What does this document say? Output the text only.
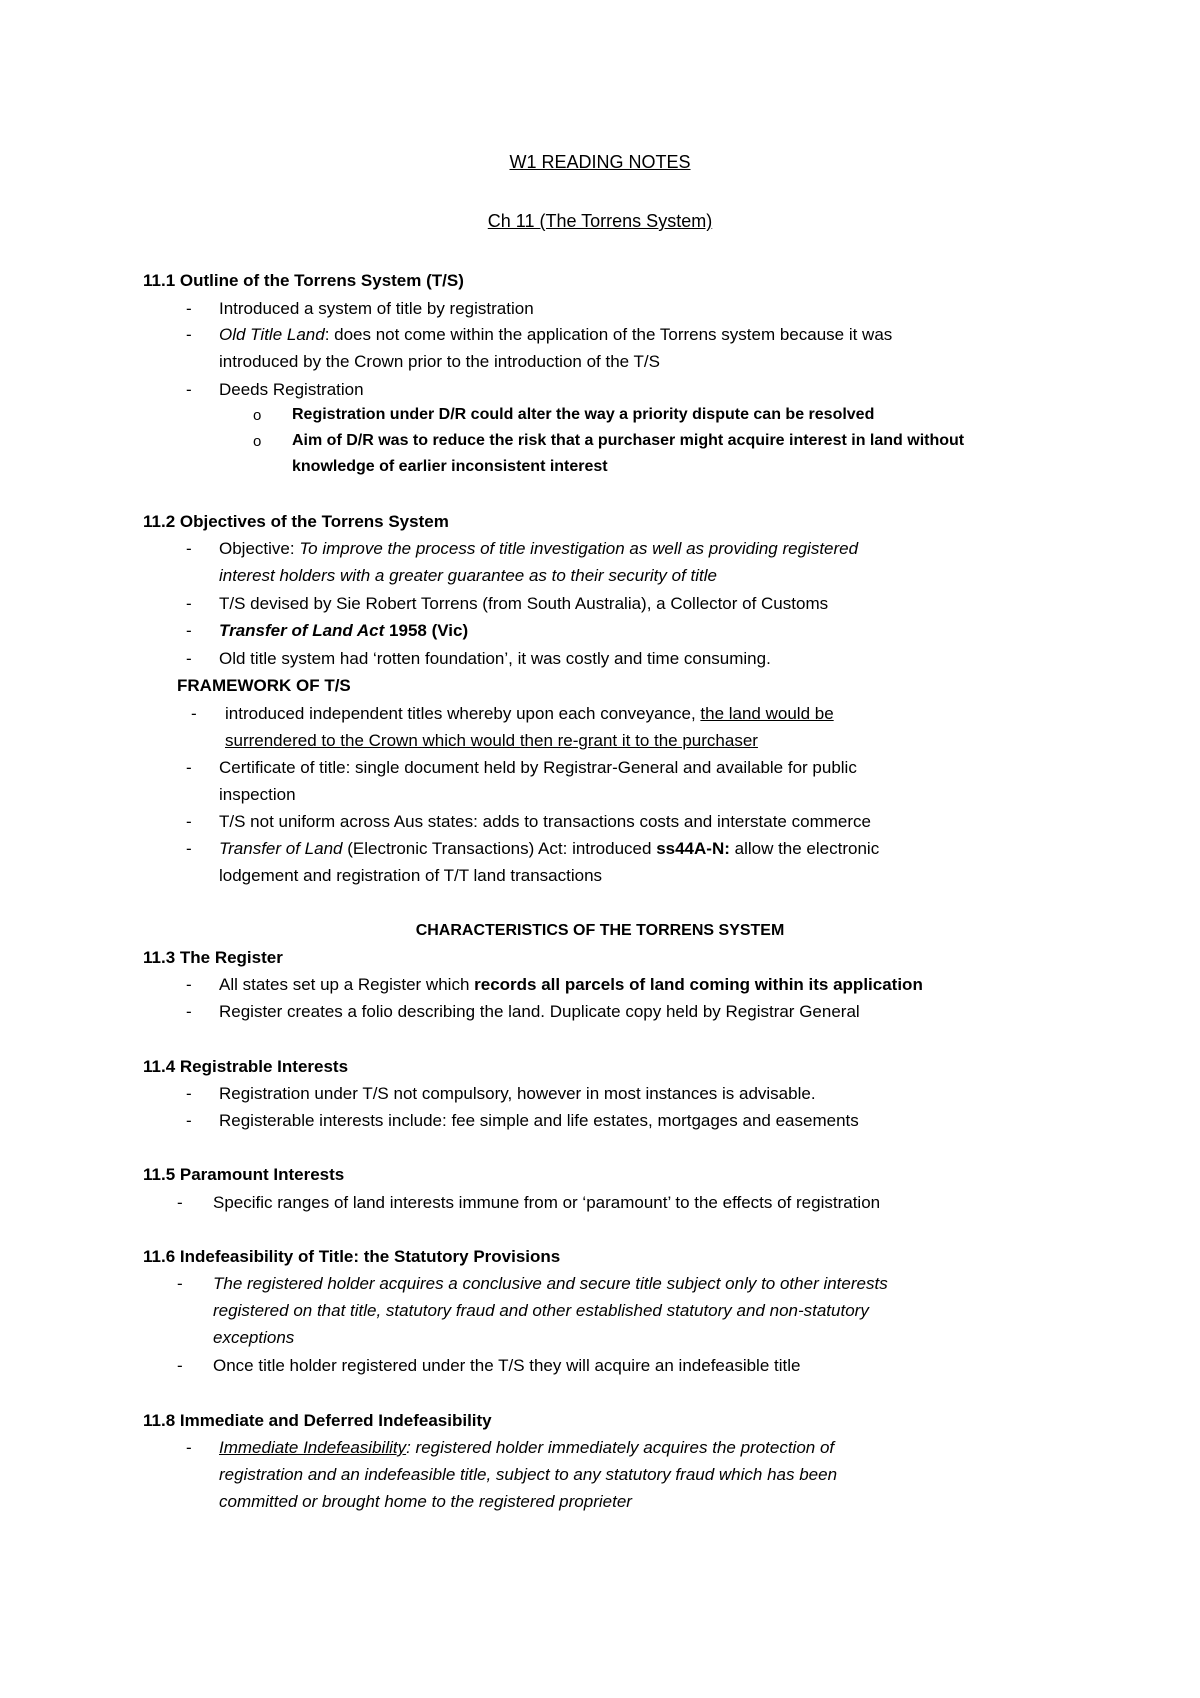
W1 READING NOTES
Ch 11 (The Torrens System)
11.1 Outline of the Torrens System (T/S)
- Introduced a system of title by registration
- Old Title Land: does not come within the application of the Torrens system because it was
introduced by the Crown prior to the introduction of the T/S
- Deeds Registration
o Registration under D/R could alter the way a priority dispute can be resolved
o Aim of D/R was to reduce the risk that a purchaser might acquire interest in land without
knowledge of earlier inconsistent interest
11.2 Objectives of the Torrens System
- Objective: To improve the process of title investigation as well as providing registered
interest holders with a greater guarantee as to their security of title
- T/S devised by Sie Robert Torrens (from South Australia), a Collector of Customs
- Transfer of Land Act 1958 (Vic)
- Old title system had ‘rotten foundation’, it was costly and time consuming.
FRAMEWORK OF T/S
- introduced independent titles whereby upon each conveyance, the land would be
surrendered to the Crown which would then re-grant it to the purchaser
- Certificate of title: single document held by Registrar-General and available for public
inspection
- T/S not uniform across Aus states: adds to transactions costs and interstate commerce
- Transfer of Land (Electronic Transactions) Act: introduced ss44A-N: allow the electronic
lodgement and registration of T/T land transactions
CHARACTERISTICS OF THE TORRENS SYSTEM
11.3 The Register
- All states set up a Register which records all parcels of land coming within its application
- Register creates a folio describing the land. Duplicate copy held by Registrar General
11.4 Registrable Interests
- Registration under T/S not compulsory, however in most instances is advisable.
- Registerable interests include: fee simple and life estates, mortgages and easements
11.5 Paramount Interests
- Specific ranges of land interests immune from or ‘paramount’ to the effects of registration
11.6 Indefeasibility of Title: the Statutory Provisions
- The registered holder acquires a conclusive and secure title subject only to other interests
registered on that title, statutory fraud and other established statutory and non-statutory
exceptions
- Once title holder registered under the T/S they will acquire an indefeasible title
11.8 Immediate and Deferred Indefeasibility
- Immediate Indefeasibility: registered holder immediately acquires the protection of
registration and an indefeasible title, subject to any statutory fraud which has been
committed or brought home to the registered proprieter
